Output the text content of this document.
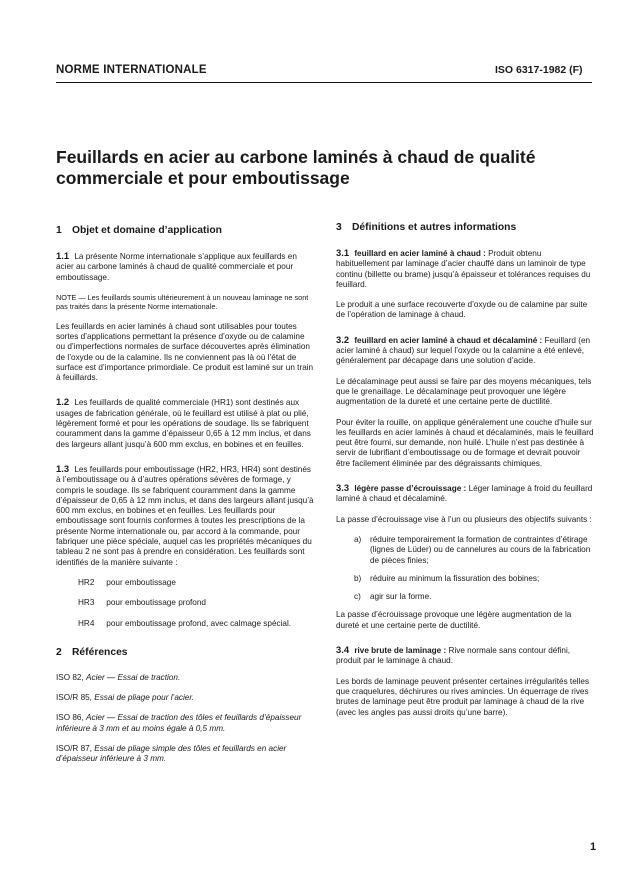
NORME INTERNATIONALE	ISO 6317-1982 (F)
Feuillards en acier au carbone laminés à chaud de qualité commerciale et pour emboutissage
1 Objet et domaine d’application

1.1 La présente Norme internationale s’applique aux feuillards en acier au carbone laminés à chaud de qualité commerciale et pour emboutissage.

NOTE — Les feuillards soumis ultérieurement à un nouveau laminage ne sont pas traités dans la présente Norme internationale.

Les feuillards en acier laminés à chaud sont utilisables pour toutes sortes d’applications permettant la présence d’oxyde ou de calamine ou d’imperfections normales de surface découvertes après élimination de l’oxyde ou de la calamine. Ils ne conviennent pas là où l’état de surface est d’importance primordiale. Ce produit est laminé sur un train à feuillards.

1.2 Les feuillards de qualité commerciale (HR1) sont destinés aux usages de fabrication générale, où le feuillard est utilisé à plat ou plié, légèrement formé et pour les opérations de soudage. Ils se fabriquent couramment dans la gamme d’épaisseur 0,65 à 12 mm inclus, et dans des largeurs allant jusqu’à 600 mm exclus, en bobines et en feuilles.

1.3 Les feuillards pour emboutissage (HR2, HR3, HR4) sont destinés à l’emboutissage ou à d’autres opérations sévères de formage, y compris le soudage. Ils se fabriquent couramment dans la gamme d’épaisseur de 0,65 à 12 mm inclus, et dans des largeurs allant jusqu’à 600 mm exclus, en bobines et en feuilles. Les feuillards pour emboutissage sont fournis conformes à toutes les prescriptions de la présente Norme internationale ou, par accord à la commande, pour fabriquer une pièce spéciale, auquel cas les propriétés mécaniques du tableau 2 ne sont pas à prendre en considération. Les feuillards sont identifiés de la manière suivante :

HR2 pour emboutissage
HR3 pour emboutissage profond
HR4 pour emboutissage profond, avec calmage spécial.
2 Références

ISO 82, Acier — Essai de traction.

ISO/R 85, Essai de pliage pour l’acier.

ISO 86, Acier — Essai de traction des tôles et feuillards d’épaisseur inférieure à 3 mm et au moins égale à 0,5 mm.

ISO/R 87, Essai de pliage simple des tôles et feuillards en acier d’épaisseur inférieure à 3 mm.

3 Définitions et autres informations

3.1 feuillard en acier laminé à chaud : Produit obtenu habituellement par laminage d’acier chauffé dans un laminoir de type continu (billette ou brame) jusqu’à épaisseur et tolérances requises du feuillard.

Le produit a une surface recouverte d’oxyde ou de calamine par suite de l’opération de laminage à chaud.

3.2 feuillard en acier laminé à chaud et décalaminé : Feuillard (en acier laminé à chaud) sur lequel l’oxyde ou la calamine a été enlevé, généralement par décapage dans une solution d’acide.

Le décalaminage peut aussi se faire par des moyens mécaniques, tels que le grenaillage. Le décalaminage peut provoquer une légère augmentation de la dureté et une certaine perte de ductilité.

Pour éviter la rouille, on applique généralement une couche d’huile sur les feuillards en acier laminés à chaud et décalaminés, mais le feuillard peut être fourni, sur demande, non huilé. L’huile n’est pas destinée à servir de lubrifiant d’emboutissage ou de formage et devrait pouvoir être facilement éliminée par des dégraissants chimiques.

3.3 légère passe d’écrouissage : Léger laminage à froid du feuillard laminé à chaud et décalaminé.

La passe d’écrouissage vise à l’un ou plusieurs des objectifs suivants :

a) réduire temporairement la formation de contraintes d’étirage (lignes de Lüder) ou de cannelures au cours de la fabrication de pièces finies;
b) réduire au minimum la fissuration des bobines;
c) agir sur la forme.

La passe d’écrouissage provoque une légère augmentation de la dureté et une certaine perte de ductilité.

3.4 rive brute de laminage : Rive normale sans contour défini, produit par le laminage à chaud.

Les bords de laminage peuvent présenter certaines irrégularités telles que craquelures, déchirures ou rives amincies. Un équerrage de rives brutes de laminage peut être produit par laminage à chaud de la rive (avec les angles pas aussi droits qu’une barre).

1
